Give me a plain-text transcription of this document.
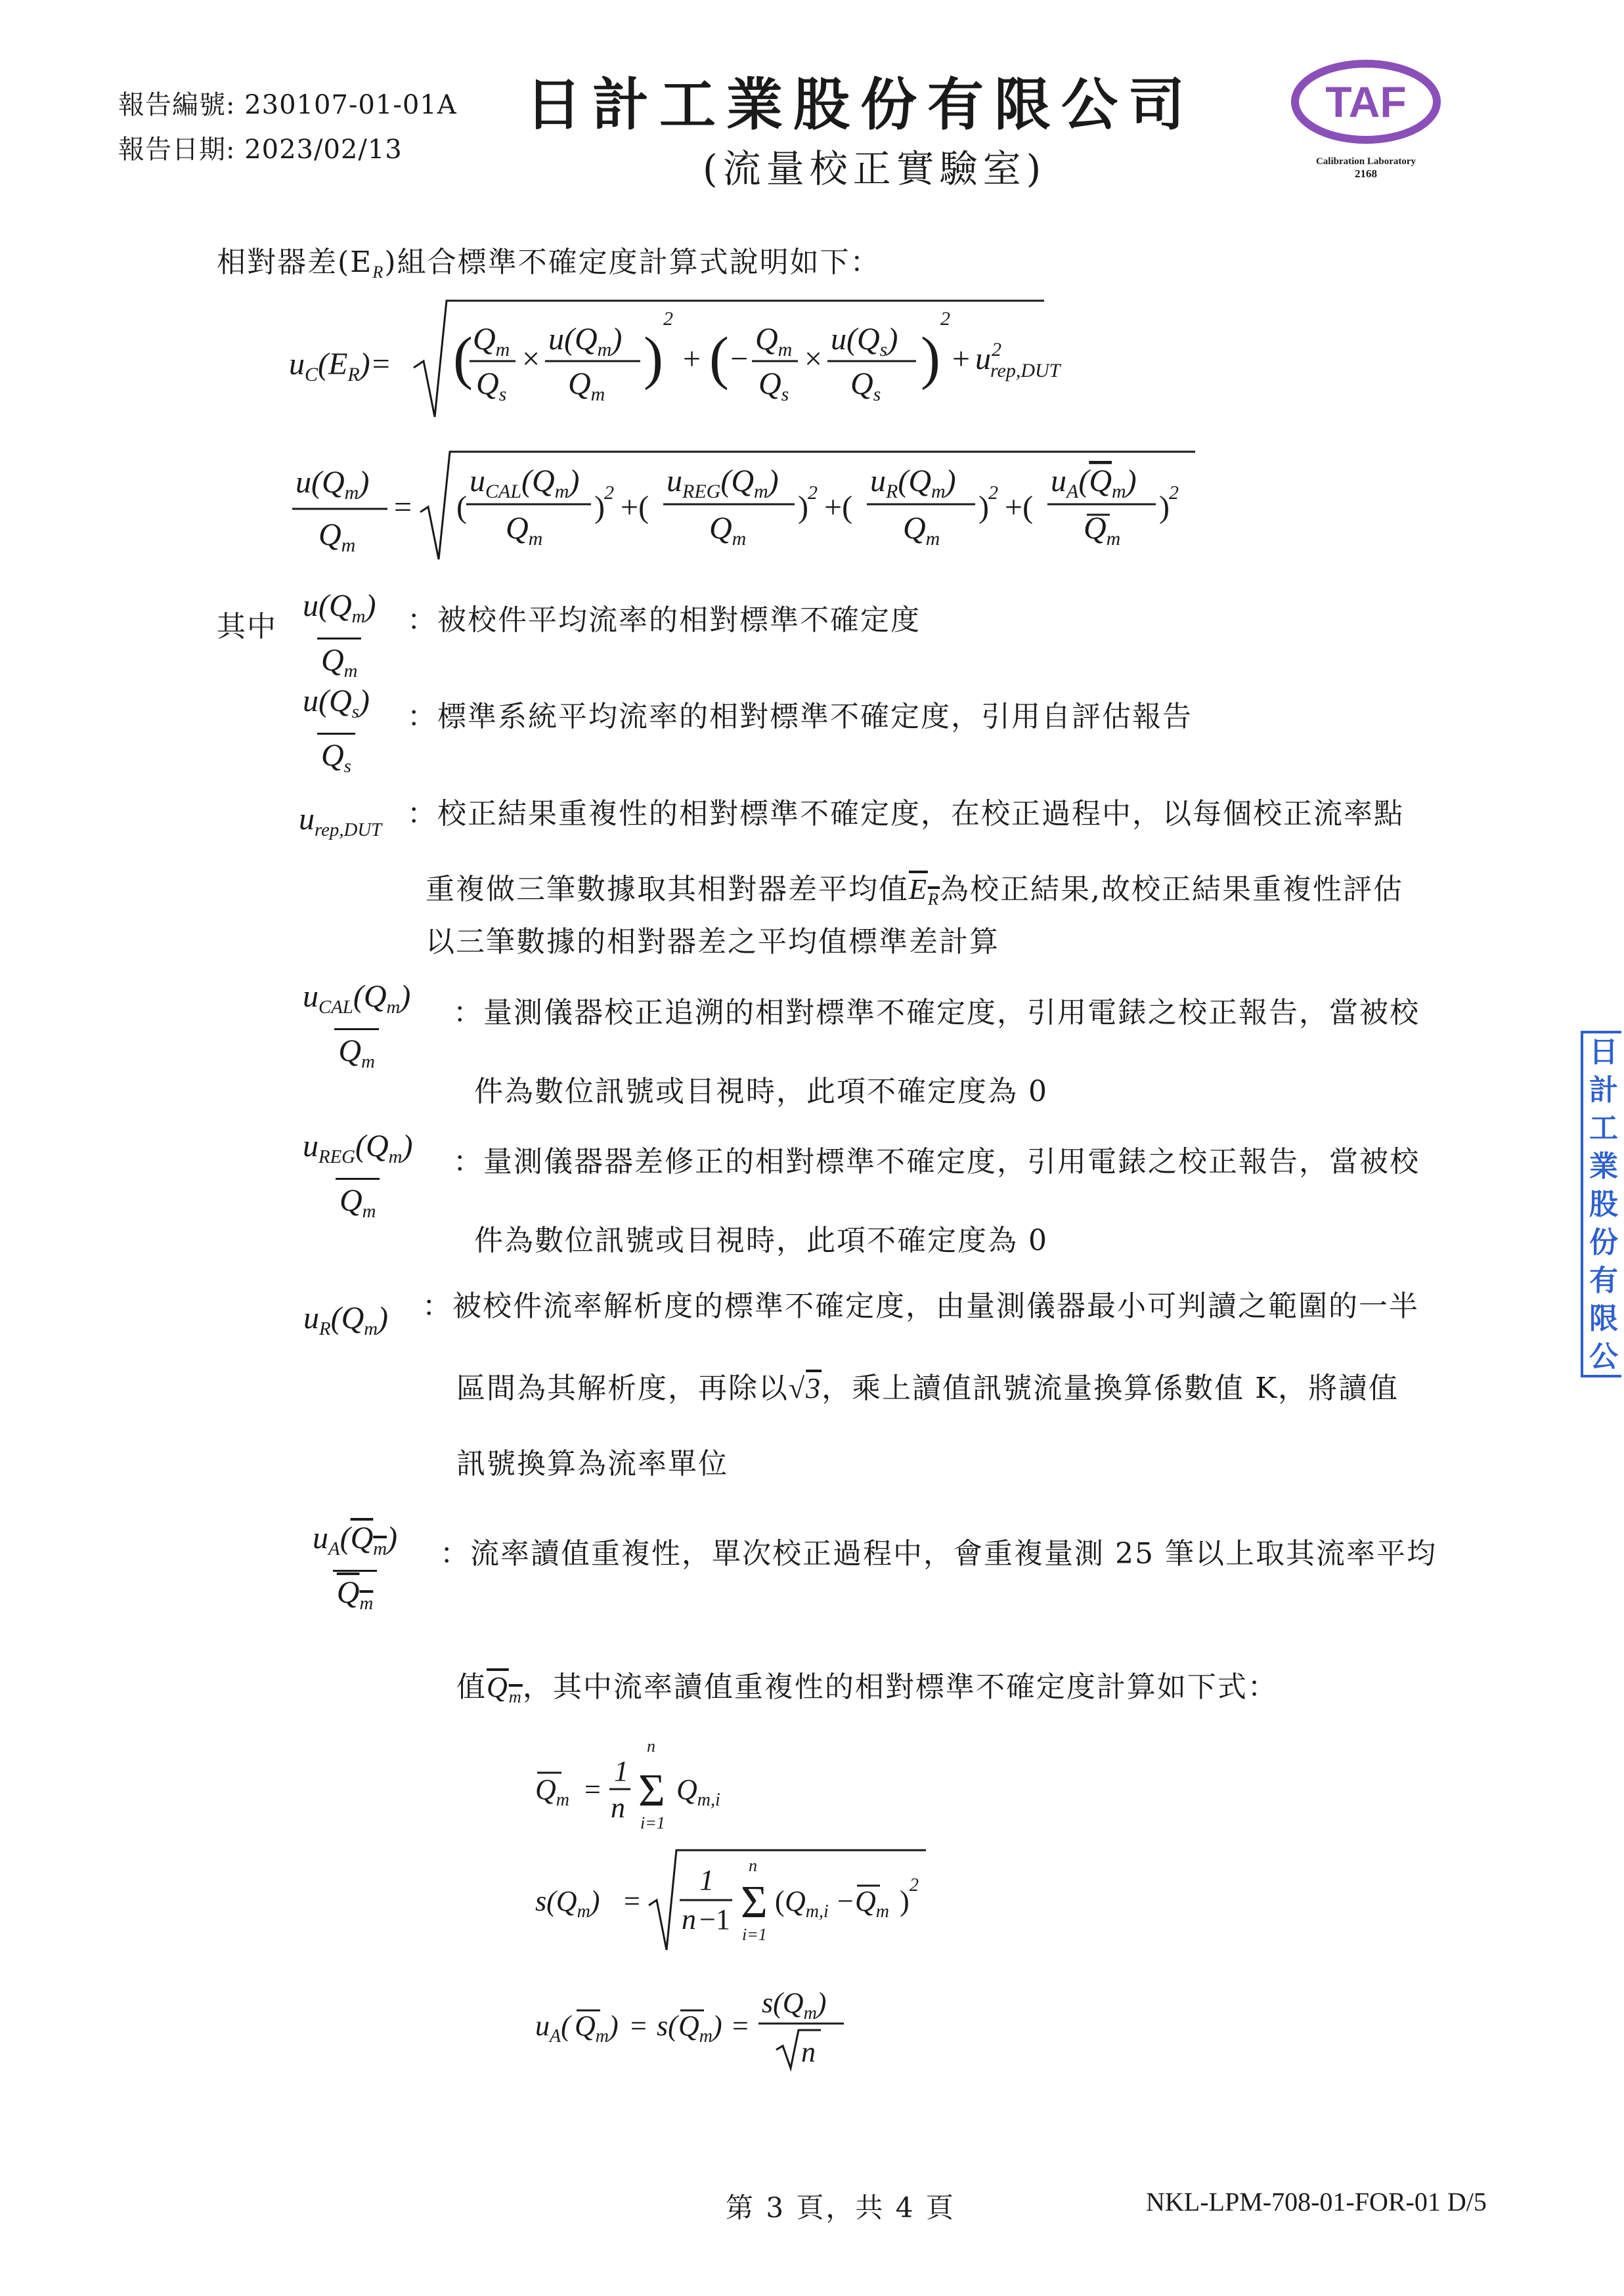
報告編號: 230107-01-01A
報告日期: 2023/02/13
日計工業股份有限公司
(流量校正實驗室)
TAF
Calibration Laboratory
2168
相對器差$(E_R)$組合標準不確定度計算式說明如下：
$u_C(E_R)=$ ( $Q_m$
$Q_s$
×
$u(Q_m)$
$Q_m$
)
2
+ ( −
$Q_m$
$Q_s$
×
$u(Q_s)$
$Q_s$
)
2
+ u 2
rep,DUT
$u(Q_m)$
$Q_m$
= (
$u_{CAL}(Q_m)$
$Q_m$
) 2 +(
$u_{REG}(Q_m)$
$Q_m$
) 2 +(
$u_R(Q_m)$
$Q_m$
) 2 +(
$u_A(Q_m)$
$Q_m$
) 2
其中 $\frac{u(Q_m)}{Q_m}$ ：被校件平均流率的相對標準不確定度
$\frac{u(Q_s)}{Q_s}$ ：標準系統平均流率的相對標準不確定度，引用自評估報告
$u_{rep,DUT}$ ：校正結果重複性的相對標準不確定度，在校正過程中，以每個校正流率點
重複做三筆數據取其相對器差平均值$E_R$為校正結果,故校正結果重複性評估
以三筆數據的相對器差之平均值標準差計算
$\frac{u_{CAL}(Q_m)}{Q_m}$ ：量測儀器校正追溯的相對標準不確定度，引用電錶之校正報告，當被校
件為數位訊號或目視時，此項不確定度為 0
$\frac{u_{REG}(Q_m)}{Q_m}$ ：量測儀器器差修正的相對標準不確定度，引用電錶之校正報告，當被校
件為數位訊號或目視時，此項不確定度為 0
$u_R(Q_m)$ ：被校件流率解析度的標準不確定度，由量測儀器最小可判讀之範圍的一半
區間為其解析度，再除以√3，乘上讀值訊號流量換算係數值 K，將讀值
訊號換算為流率單位
$\frac{u_A(Q_m)}{Q_m}$ ：流率讀值重複性，單次校正過程中，會重複量測 25 筆以上取其流率平均
值$Q_m$，其中流率讀值重複性的相對標準不確定度計算如下式：
$Q_m$ =
1
n
n
Σ
i=1
$Q_{m,i}$
$s(Q_m)$ =
1
n −1
n
Σ
i=1
( $Q_{m,i} - Q_m$ ) 2
$u_A$( $Q_m) = s$( $Q_m$) =
$s(Q_m)$
n
日
計
工
業
股
份
有
限
公
第 3 頁，共 4 頁	NKL-LPM-708-01-FOR-01 D/5
